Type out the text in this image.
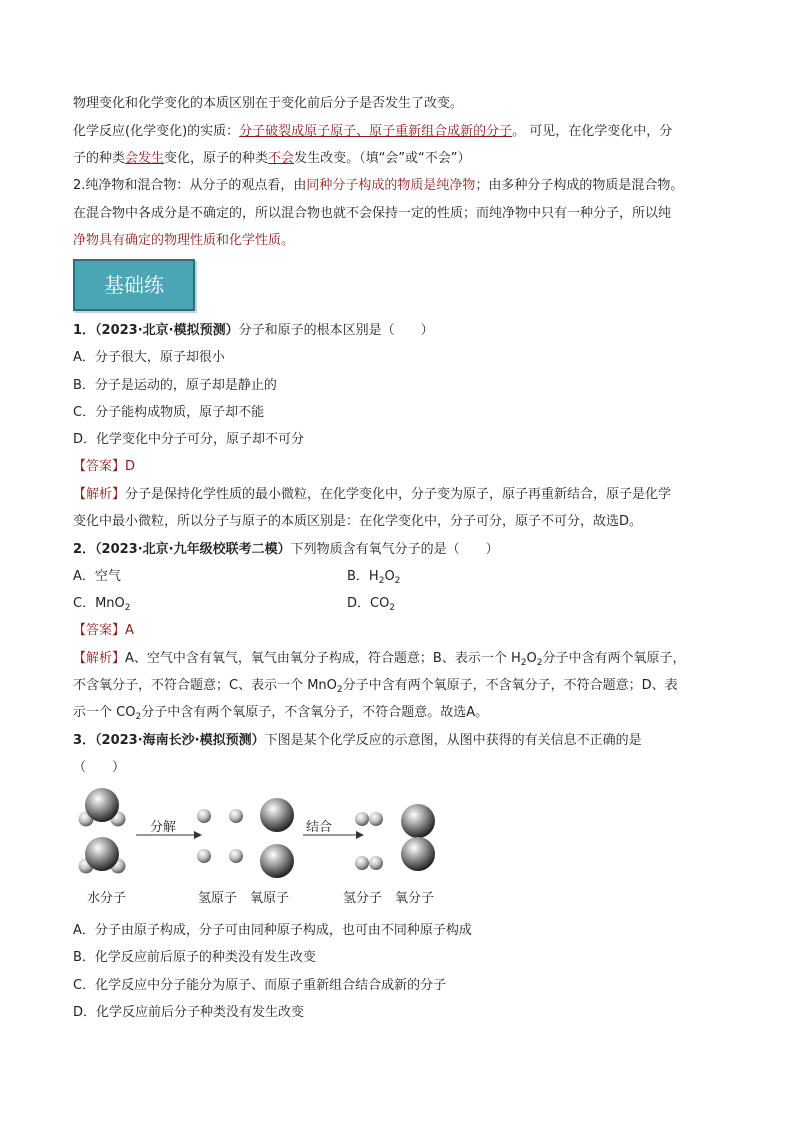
物理变化和化学变化的本质区别在于变化前后分子是否发生了改变。
化学反应(化学变化)的实质：分子破裂成原子原子、原子重新组合成新的分子。 可见，在化学变化中，分
子的种类会发生变化，原子的种类不会发生改变。（填“会”或“不会”）
2.纯净物和混合物：从分子的观点看，由同种分子构成的物质是纯净物；由多种分子构成的物质是混合物。
在混合物中各成分是不确定的，所以混合物也就不会保持一定的性质；而纯净物中只有一种分子，所以纯
净物具有确定的物理性质和化学性质。
基础练
1．（2023·北京·模拟预测）分子和原子的根本区别是（　　）
A．分子很大，原子却很小
B．分子是运动的，原子却是静止的
C．分子能构成物质，原子却不能
D．化学变化中分子可分，原子却不可分
【答案】D
【解析】分子是保持化学性质的最小微粒，在化学变化中，分子变为原子，原子再重新结合，原子是化学
变化中最小微粒，所以分子与原子的本质区别是：在化学变化中，分子可分，原子不可分，故选D。
2．（2023·北京·九年级校联考二模）下列物质含有氧气分子的是（　　）
A．空气	B．$H_2O_2$
C．MnO$_2$	D．$CO_2$
【答案】A
【解析】A、空气中含有氧气，氧气由氧分子构成，符合题意；B、表示一个 $H_2O_2$分子中含有两个氧原子，
不含氧分子，不符合题意；C、表示一个 MnO$_2$分子中含有两个氧原子，不含氧分子，不符合题意；D、表
示一个 $CO_2$分子中含有两个氧原子，不含氧分子，不符合题意。故选A。
3．（2023·海南长沙·模拟预测）下图是某个化学反应的示意图，从图中获得的有关信息不正确的是
（　　）
分解	结合
水分子	氢原子 氧原子	氢分子 氧分子
A．分子由原子构成，分子可由同种原子构成，也可由不同种原子构成
B．化学反应前后原子的种类没有发生改变
C．化学反应中分子能分为原子、而原子重新组合结合成新的分子
D．化学反应前后分子种类没有发生改变
